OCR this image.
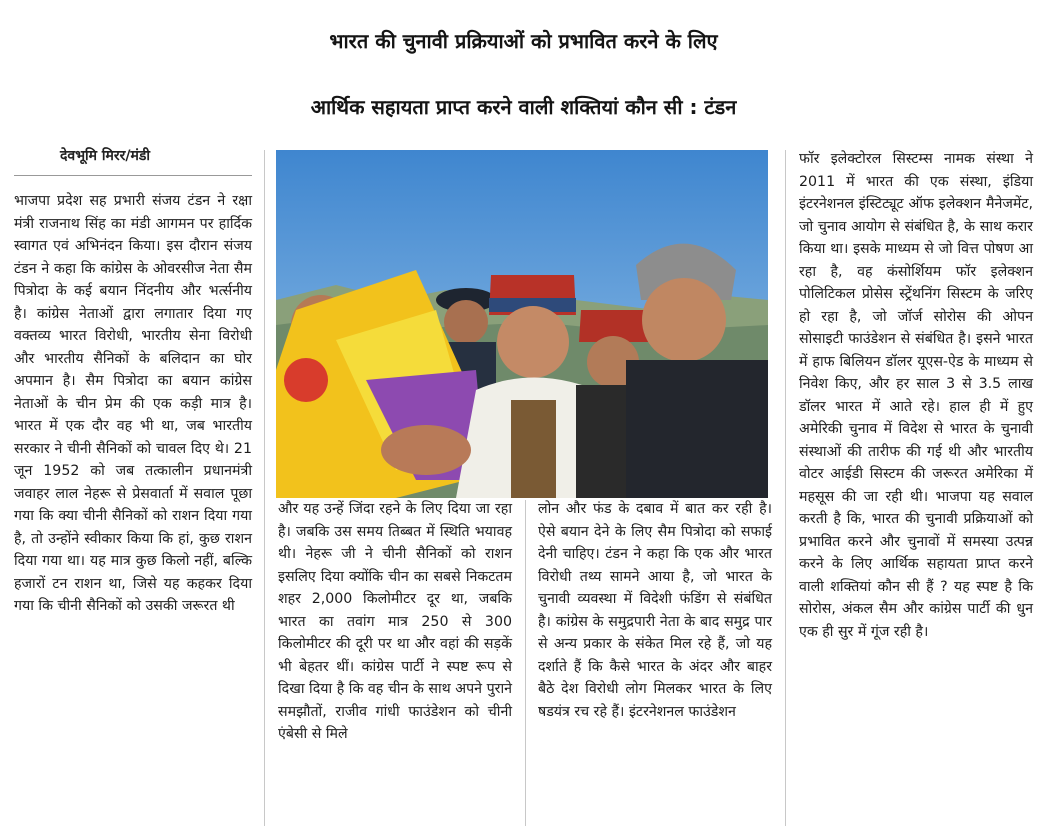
भारत की चुनावी प्रक्रियाओं को प्रभावित करने के लिए
आर्थिक सहायता प्राप्त करने वाली शक्तियां कौन सी : टंडन
देवभूमि मिरर/मंडी

भाजपा प्रदेश सह प्रभारी संजय टंडन ने रक्षा मंत्री राजनाथ सिंह का मंडी आगमन पर हार्दिक स्वागत एवं अभिनंदन किया। इस दौरान संजय टंडन ने कहा कि कांग्रेस के ओवरसीज नेता सैम पित्रोदा के कई बयान निंदनीय और भर्त्सनीय है। कांग्रेस नेताओं द्वारा लगातार दिया गए वक्तव्य भारत विरोधी, भारतीय सेना विरोधी और भारतीय सैनिकों के बलिदान का घोर अपमान है। सैम पित्रोदा का बयान कांग्रेस नेताओं के चीन प्रेम की एक कड़ी मात्र है। भारत में एक दौर वह भी था, जब भारतीय सरकार ने चीनी सैनिकों को चावल दिए थे। 21 जून 1952 को जब तत्कालीन प्रधानमंत्री जवाहर लाल नेहरू से प्रेसवार्ता में सवाल पूछा गया कि क्या चीनी सैनिकों को राशन दिया गया है, तो उन्होंने स्वीकार किया कि हां, कुछ राशन दिया गया था। यह मात्र कुछ किलो नहीं, बल्कि हजारों टन राशन था, जिसे यह कहकर दिया गया कि चीनी सैनिकों को उसकी जरूरत थी

और यह उन्हें जिंदा रहने के लिए दिया जा रहा है। जबकि उस समय तिब्बत में स्थिति भयावह थी। नेहरू जी ने चीनी सैनिकों को राशन इसलिए दिया क्योंकि चीन का सबसे निकटतम शहर 2,000 किलोमीटर दूर था, जबकि भारत का तवांग मात्र 250 से 300 किलोमीटर की दूरी पर था और वहां की सड़कें भी बेहतर थीं। कांग्रेस पार्टी ने स्पष्ट रूप से दिखा दिया है कि वह चीन के साथ अपने पुराने समझौतों, राजीव गांधी फाउंडेशन को चीनी एंबेसी से मिले

लोन और फंड के दबाव में बात कर रही है। ऐसे बयान देने के लिए सैम पित्रोदा को सफाई देनी चाहिए। टंडन ने कहा कि एक और भारत विरोधी तथ्य सामने आया है, जो भारत के चुनावी व्यवस्था में विदेशी फंडिंग से संबंधित है। कांग्रेस के समुद्रपारी नेता के बाद समुद्र पार से अन्य प्रकार के संकेत मिल रहे हैं, जो यह दर्शाते हैं कि कैसे भारत के अंदर और बाहर बैठे देश विरोधी लोग मिलकर भारत के लिए षडयंत्र रच रहे हैं। इंटरनेशनल फाउंडेशन

फॉर इलेक्टोरल सिस्टम्स नामक संस्था ने 2011 में भारत की एक संस्था, इंडिया इंटरनेशनल इंस्टिट्यूट ऑफ इलेक्शन मैनेजमेंट, जो चुनाव आयोग से संबंधित है, के साथ करार किया था। इसके माध्यम से जो वित्त पोषण आ रहा है, वह कंसोर्शियम फॉर इलेक्शन पोलिटिकल प्रोसेस स्ट्रेंथनिंग सिस्टम के जरिए हो रहा है, जो जॉर्ज सोरोस की ओपन सोसाइटी फाउंडेशन से संबंधित है। इसने भारत में हाफ बिलियन डॉलर यूएस-ऐड के माध्यम से निवेश किए, और हर साल 3 से 3.5 लाख डॉलर भारत में आते रहे। हाल ही में हुए अमेरिकी चुनाव में विदेश से भारत के चुनावी संस्थाओं की तारीफ की गई थी और भारतीय वोटर आईडी सिस्टम की जरूरत अमेरिका में महसूस की जा रही थी। भाजपा यह सवाल करती है कि, भारत की चुनावी प्रक्रियाओं को प्रभावित करने और चुनावों में समस्या उत्पन्न करने के लिए आर्थिक सहायता प्राप्त करने वाली शक्तियां कौन सी हैं ? यह स्पष्ट है कि सोरोस, अंकल सैम और कांग्रेस पार्टी की धुन एक ही सुर में गूंज रही है।
